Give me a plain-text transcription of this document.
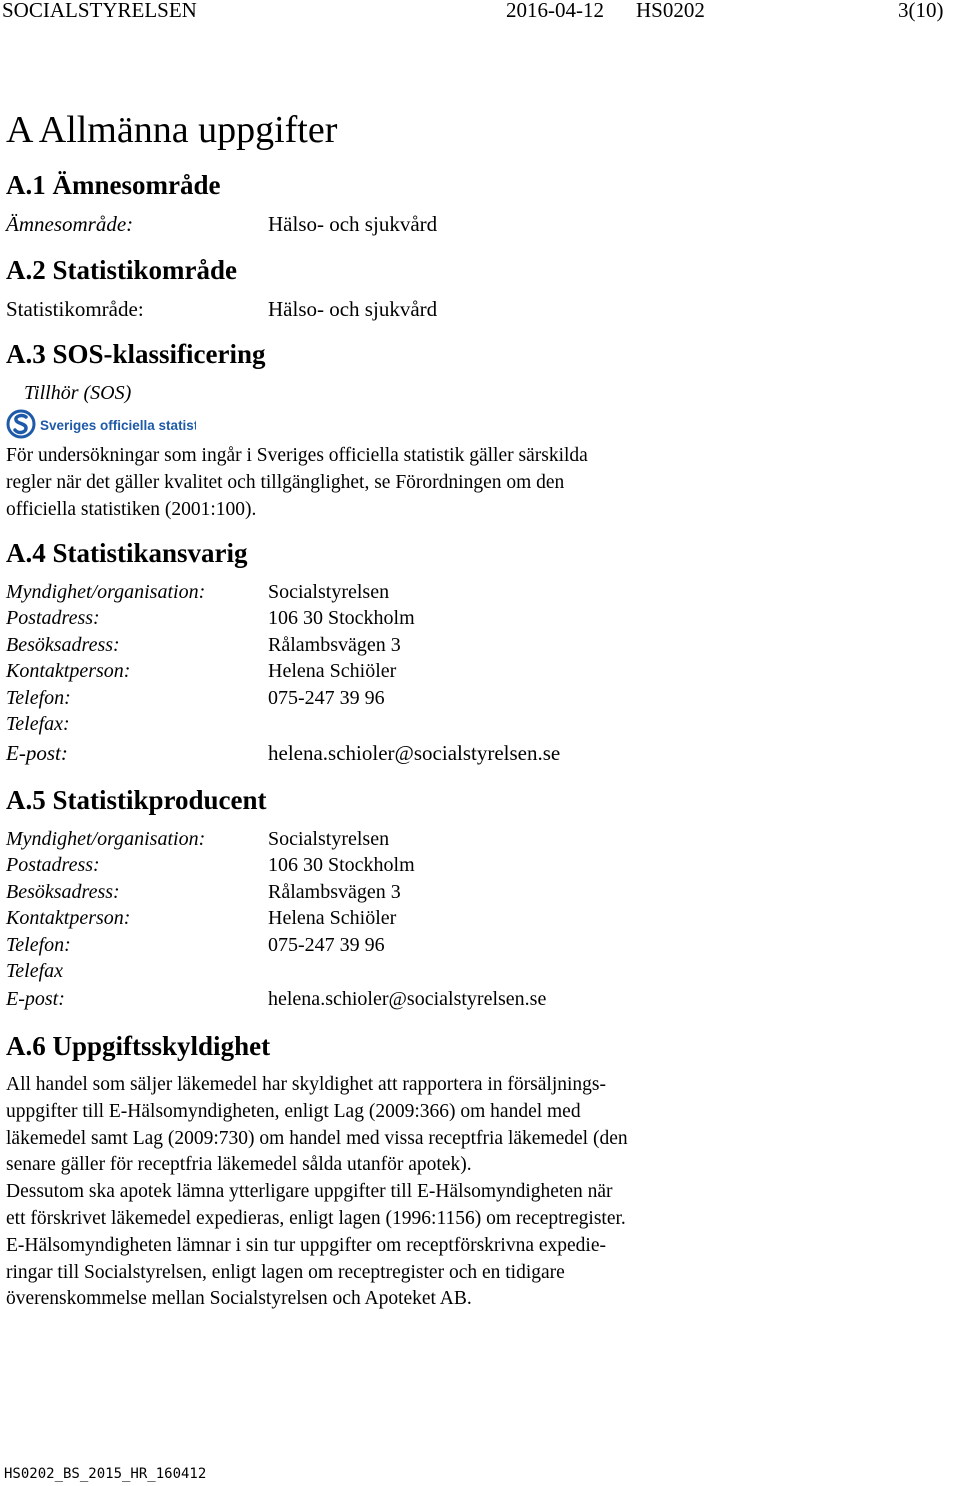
SOCIALSTYRELSEN	2016-04-12 HS0202	3(10)
A Allmänna uppgifter
A.1 Ämnesområde
Ämnesområde:	Hälso- och sjukvård
A.2 Statistikområde
Statistikområde:	Hälso- och sjukvård
A.3 SOS-klassificering
Tillhör (SOS)
Sveriges officiella statistik
För undersökningar som ingår i Sveriges officiella statistik gäller särskilda
regler när det gäller kvalitet och tillgänglighet, se Förordningen om den
officiella statistiken (2001:100).
A.4 Statistikansvarig
Myndighet/organisation:	Socialstyrelsen
Postadress:	106 30 Stockholm
Besöksadress:	Rålambsvägen 3
Kontaktperson:	Helena Schiöler
Telefon:	075-247 39 96
Telefax:
E-post:	helena.schioler@socialstyrelsen.se
A.5 Statistikproducent
Myndighet/organisation:	Socialstyrelsen
Postadress:	106 30 Stockholm
Besöksadress:	Rålambsvägen 3
Kontaktperson:	Helena Schiöler
Telefon:	075-247 39 96
Telefax
E-post:	helena.schioler@socialstyrelsen.se
A.6 Uppgiftsskyldighet
All handel som säljer läkemedel har skyldighet att rapportera in försäljnings-
uppgifter till E-Hälsomyndigheten, enligt Lag (2009:366) om handel med
läkemedel samt Lag (2009:730) om handel med vissa receptfria läkemedel (den
senare gäller för receptfria läkemedel sålda utanför apotek).
Dessutom ska apotek lämna ytterligare uppgifter till E-Hälsomyndigheten när
ett förskrivet läkemedel expedieras, enligt lagen (1996:1156) om receptregister.
E-Hälsomyndigheten lämnar i sin tur uppgifter om receptförskrivna expedie-
ringar till Socialstyrelsen, enligt lagen om receptregister och en tidigare
överenskommelse mellan Socialstyrelsen och Apoteket AB.
HS0202_BS_2015_HR_160412
